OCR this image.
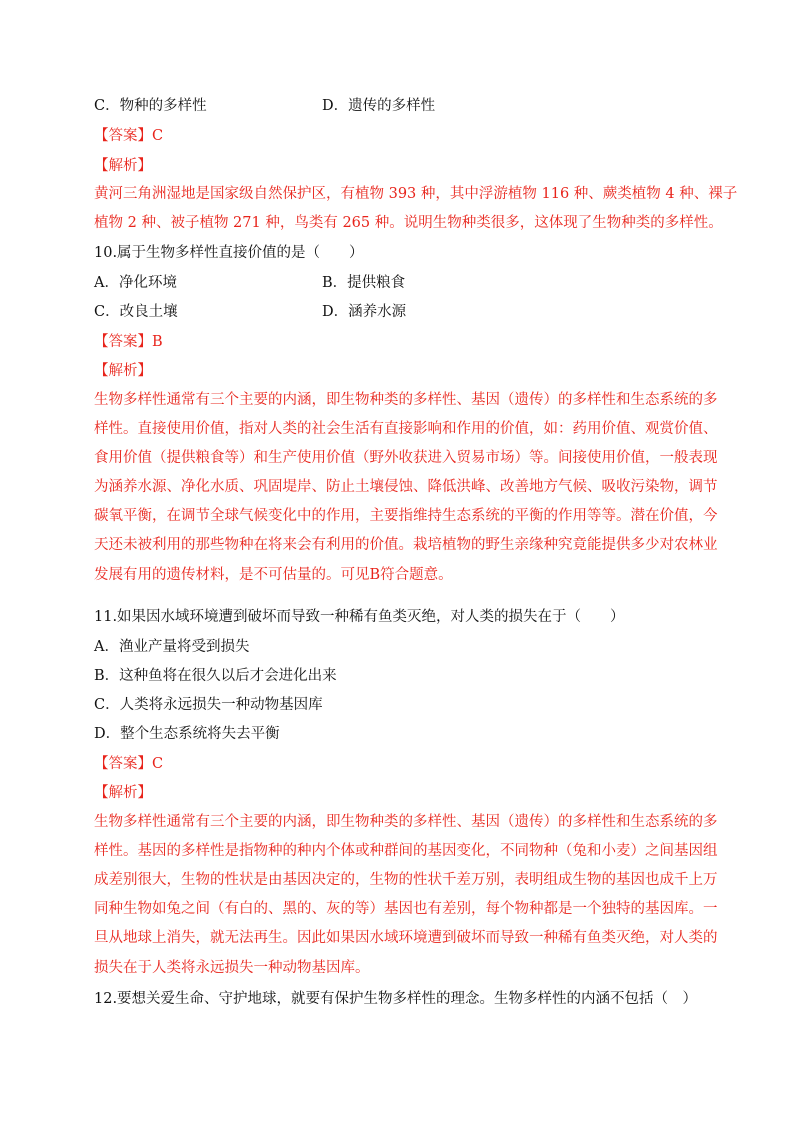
C．物种的多样性	D．遗传的多样性
【答案】C
【解析】
黄河三角洲湿地是国家级自然保护区，有植物 393 种，其中浮游植物 116 种、蕨类植物 4 种、裸子
植物 2 种、被子植物 271 种，鸟类有 265 种。说明生物种类很多，这体现了生物种类的多样性。
10.属于生物多样性直接价值的是（　　）
A．净化环境	B．提供粮食
C．改良土壤	D．涵养水源
【答案】B
【解析】
生物多样性通常有三个主要的内涵，即生物种类的多样性、基因（遗传）的多样性和生态系统的多
样性。直接使用价值，指对人类的社会生活有直接影响和作用的价值，如：药用价值、观赏价值、
食用价值（提供粮食等）和生产使用价值（野外收获进入贸易市场）等。间接使用价值，一般表现
为涵养水源、净化水质、巩固堤岸、防止土壤侵蚀、降低洪峰、改善地方气候、吸收污染物，调节
碳氧平衡，在调节全球气候变化中的作用，主要指维持生态系统的平衡的作用等等。潜在价值，今
天还未被利用的那些物种在将来会有利用的价值。栽培植物的野生亲缘种究竟能提供多少对农林业
发展有用的遗传材料，是不可估量的。可见B符合题意。
11.如果因水域环境遭到破坏而导致一种稀有鱼类灭绝，对人类的损失在于（　　）
A．渔业产量将受到损失
B．这种鱼将在很久以后才会进化出来
C．人类将永远损失一种动物基因库
D．整个生态系统将失去平衡
【答案】C
【解析】
生物多样性通常有三个主要的内涵，即生物种类的多样性、基因（遗传）的多样性和生态系统的多
样性。基因的多样性是指物种的种内个体或种群间的基因变化，不同物种（兔和小麦）之间基因组
成差别很大，生物的性状是由基因决定的，生物的性状千差万别，表明组成生物的基因也成千上万
同种生物如兔之间（有白的、黑的、灰的等）基因也有差别，每个物种都是一个独特的基因库。一
旦从地球上消失，就无法再生。因此如果因水域环境遭到破坏而导致一种稀有鱼类灭绝，对人类的
损失在于人类将永远损失一种动物基因库。
12.要想关爱生命、守护地球，就要有保护生物多样性的理念。生物多样性的内涵不包括（　）
